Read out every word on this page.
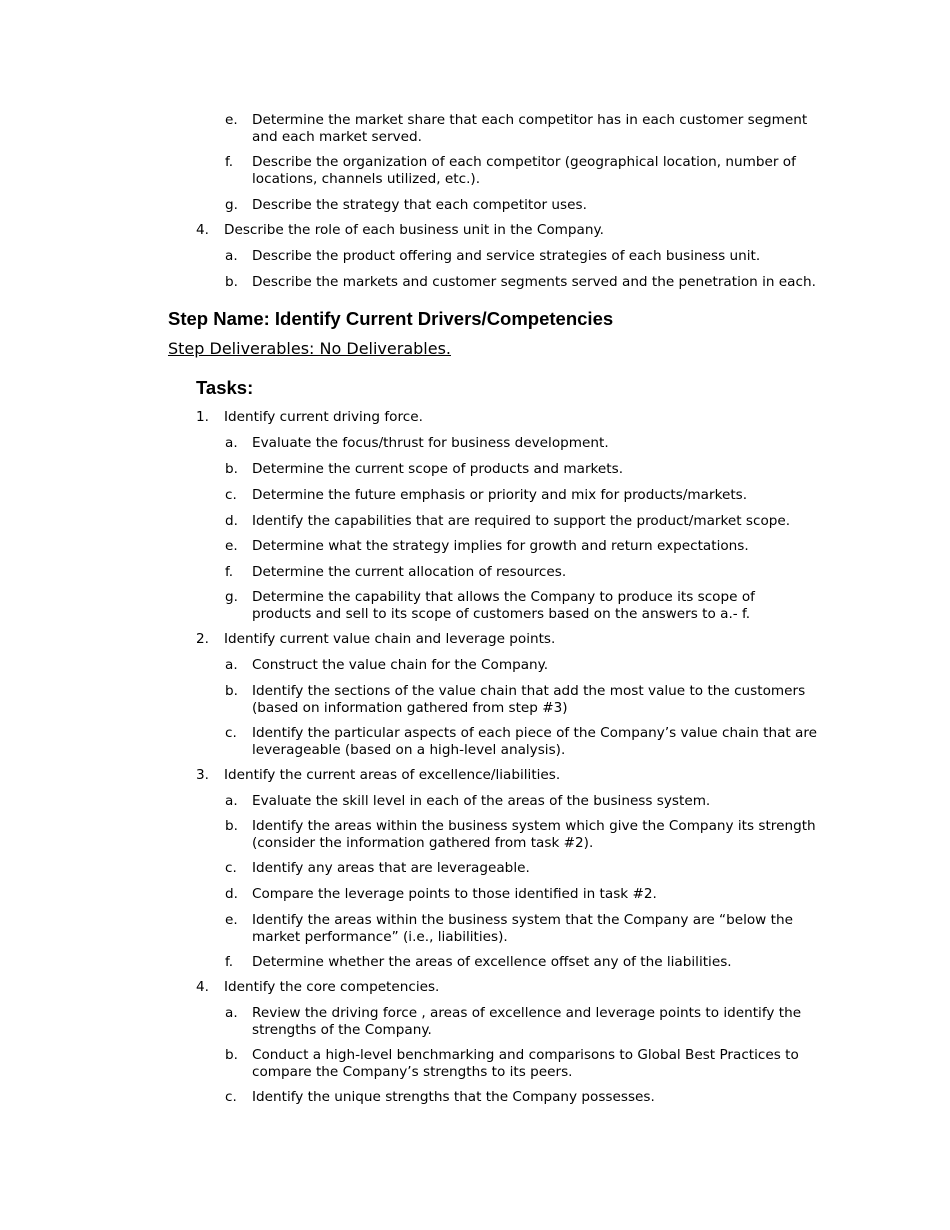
e. Determine the market share that each competitor has in each customer segment
and each market served.
f. Describe the organization of each competitor (geographical location, number of
locations, channels utilized, etc.).
g. Describe the strategy that each competitor uses.
4. Describe the role of each business unit in the Company.
a. Describe the product offering and service strategies of each business unit.
b. Describe the markets and customer segments served and the penetration in each.
Step Name: Identify Current Drivers/Competencies
Step Deliverables: No Deliverables.
Tasks:
1. Identify current driving force.
a. Evaluate the focus/thrust for business development.
b. Determine the current scope of products and markets.
c. Determine the future emphasis or priority and mix for products/markets.
d. Identify the capabilities that are required to support the product/market scope.
e. Determine what the strategy implies for growth and return expectations.
f. Determine the current allocation of resources.
g. Determine the capability that allows the Company to produce its scope of
products and sell to its scope of customers based on the answers to a.- f.
2. Identify current value chain and leverage points.
a. Construct the value chain for the Company.
b. Identify the sections of the value chain that add the most value to the customers
(based on information gathered from step #3)
c. Identify the particular aspects of each piece of the Company’s value chain that are
leverageable (based on a high-level analysis).
3. Identify the current areas of excellence/liabilities.
a. Evaluate the skill level in each of the areas of the business system.
b. Identify the areas within the business system which give the Company its strength
(consider the information gathered from task #2).
c. Identify any areas that are leverageable.
d. Compare the leverage points to those identified in task #2.
e. Identify the areas within the business system that the Company are “below the
market performance” (i.e., liabilities).
f. Determine whether the areas of excellence offset any of the liabilities.
4. Identify the core competencies.
a. Review the driving force , areas of excellence and leverage points to identify the
strengths of the Company.
b. Conduct a high-level benchmarking and comparisons to Global Best Practices to
compare the Company’s strengths to its peers.
c. Identify the unique strengths that the Company possesses.
